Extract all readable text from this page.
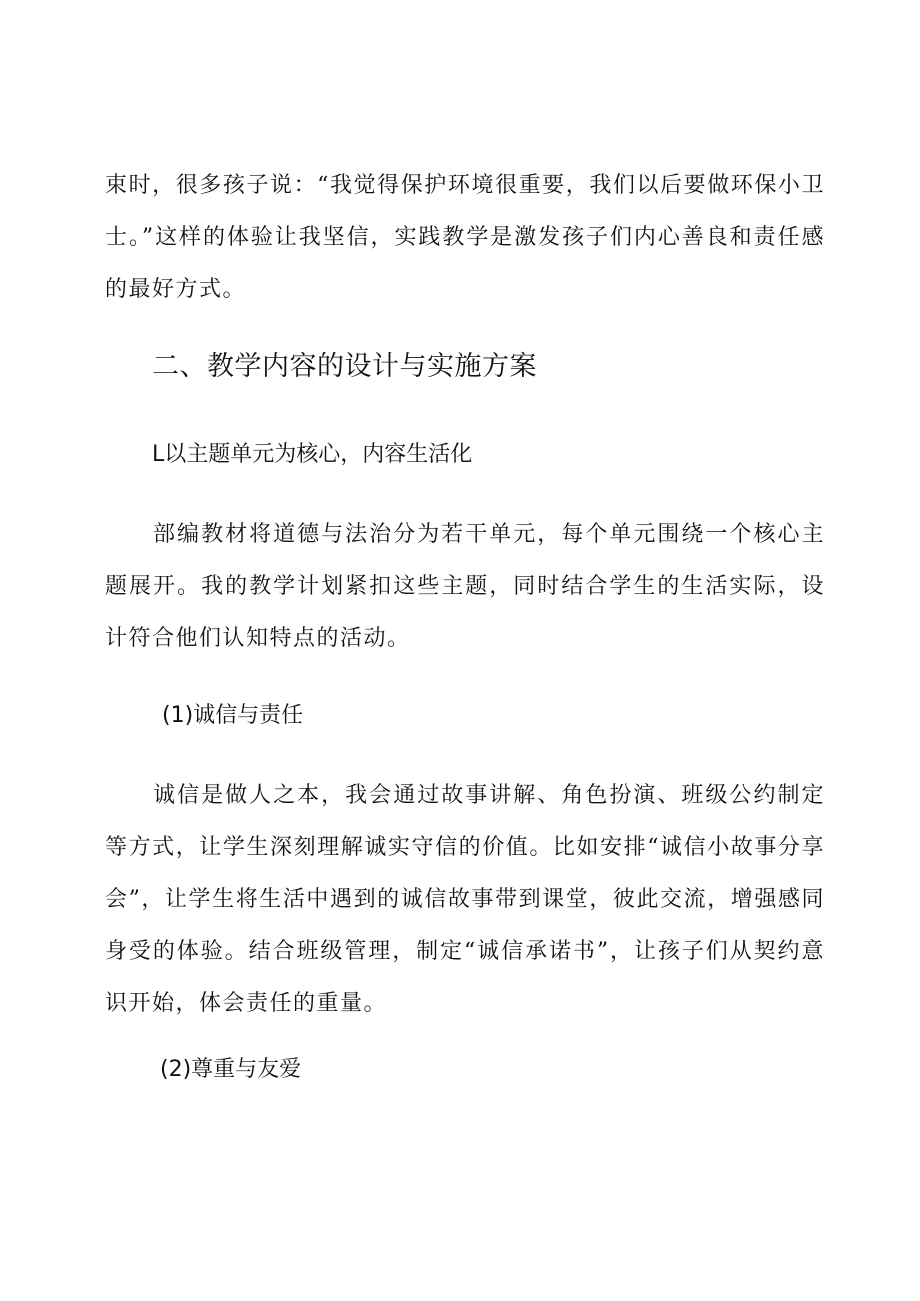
束时，很多孩子说：“我觉得保护环境很重要，我们以后要做环保小卫士。”这样的体验让我坚信，实践教学是激发孩子们内心善良和责任感的最好方式。

二、教学内容的设计与实施方案
L以主题单元为核心，内容生活化

　　部编教材将道德与法治分为若干单元，每个单元围绕一个核心主题展开。我的教学计划紧扣这些主题，同时结合学生的生活实际，设计符合他们认知特点的活动。

(1)诚信与责任

　　诚信是做人之本，我会通过故事讲解、角色扮演、班级公约制定等方式，让学生深刻理解诚实守信的价值。比如安排“诚信小故事分享会”，让学生将生活中遇到的诚信故事带到课堂，彼此交流，增强感同身受的体验。结合班级管理，制定“诚信承诺书”，让孩子们从契约意识开始，体会责任的重量。

(2)尊重与友爱
